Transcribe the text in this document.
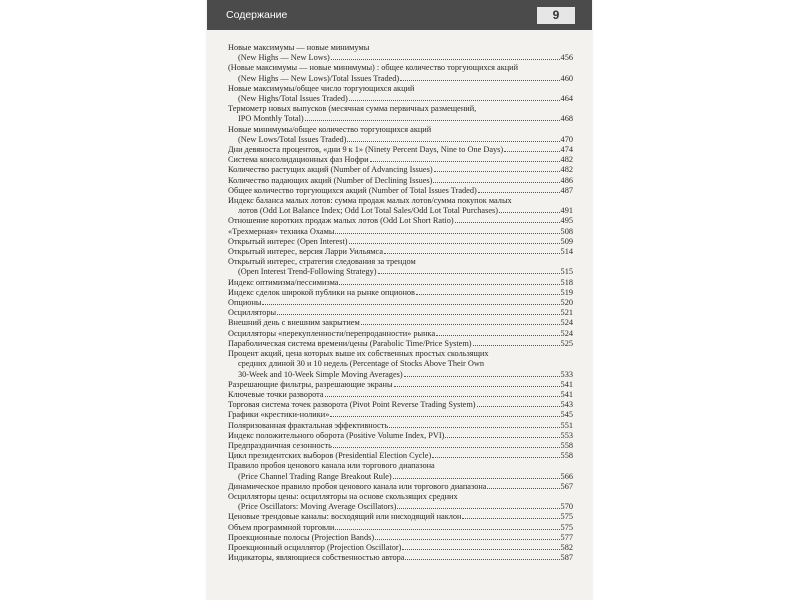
Содержание	9
Новые максимумы — новые минимумы
(New Highs — New Lows)	456
(Новые максимумы — новые минимумы) : общее количество торгующихся акций
(New Highs — New Lows)/Total Issues Traded)	460
Новые максимумы/общее число торгующихся акций
(New Highs/Total Issues Traded)	464
Термометр новых выпусков (месячная сумма первичных размещений,
IPO Monthly Total)	468
Новые минимумы/общее количество торгующихся акций
(New Lows/Total Issues Traded)	470
Дни девяноста процентов, «дни 9 к 1» (Ninety Percent Days, Nine to One Days)	474
Система консолидационных фаз Нофри	482
Количество растущих акций (Number of Advancing Issues)	482
Количество падающих акций (Number of Declining Issues)	486
Общее количество торгующихся акций (Number of Total Issues Traded)	487
Индекс баланса малых лотов: сумма продаж малых лотов/сумма покупок малых
лотов (Odd Lot Balance Index; Odd Lot Total Sales/Odd Lot Total Purchases)	491
Отношение коротких продаж малых лотов (Odd Lot Short Ratio)	495
«Трехмерная» техника Охамы	508
Открытый интерес (Open Interest)	509
Открытый интерес, версия Ларри Уильямса	514
Открытый интерес, стратегия следования за трендом
(Open Interest Trend-Following Strategy)	515
Индекс оптимизма/пессимизма	518
Индекс сделок широкой публики на рынке опционов	519
Опционы	520
Осцилляторы	521
Внешний день с внешним закрытием	524
Осцилляторы «перекупленности/перепроданности» рынка	524
Параболическая система времени/цены (Parabolic Time/Price System)	525
Процент акций, цена которых выше их собственных простых скользящих
средних длиной 30 и 10 недель (Percentage of Stocks Above Their Own
30-Week and 10-Week Simple Moving Averages)	533
Разрешающие фильтры, разрешающие экраны	541
Ключевые точки разворота	541
Торговая система точек разворота (Pivot Point Reverse Trading System)	543
Графики «крестики-нолики»	545
Поляризованная фрактальная эффективность	551
Индекс положительного оборота (Positive Volume Index, PVI)	553
Предпраздничная сезонность	558
Цикл президентских выборов (Presidential Election Cycle)	558
Правило пробоя ценового канала или торгового диапазона
(Price Channel Trading Range Breakout Rule)	566
Динамическое правило пробоя ценового канала или торгового диапазона	567
Осцилляторы цены: осцилляторы на основе скользящих средних
(Price Oscillators: Moving Average Oscillators)	570
Ценовые трендовые каналы: восходящий или нисходящий наклон	575
Объем программной торговли	575
Проекционные полосы (Projection Bands)	577
Проекционный осциллятор (Projection Oscillator)	582
Индикаторы, являющиеся собственностью автора	587
